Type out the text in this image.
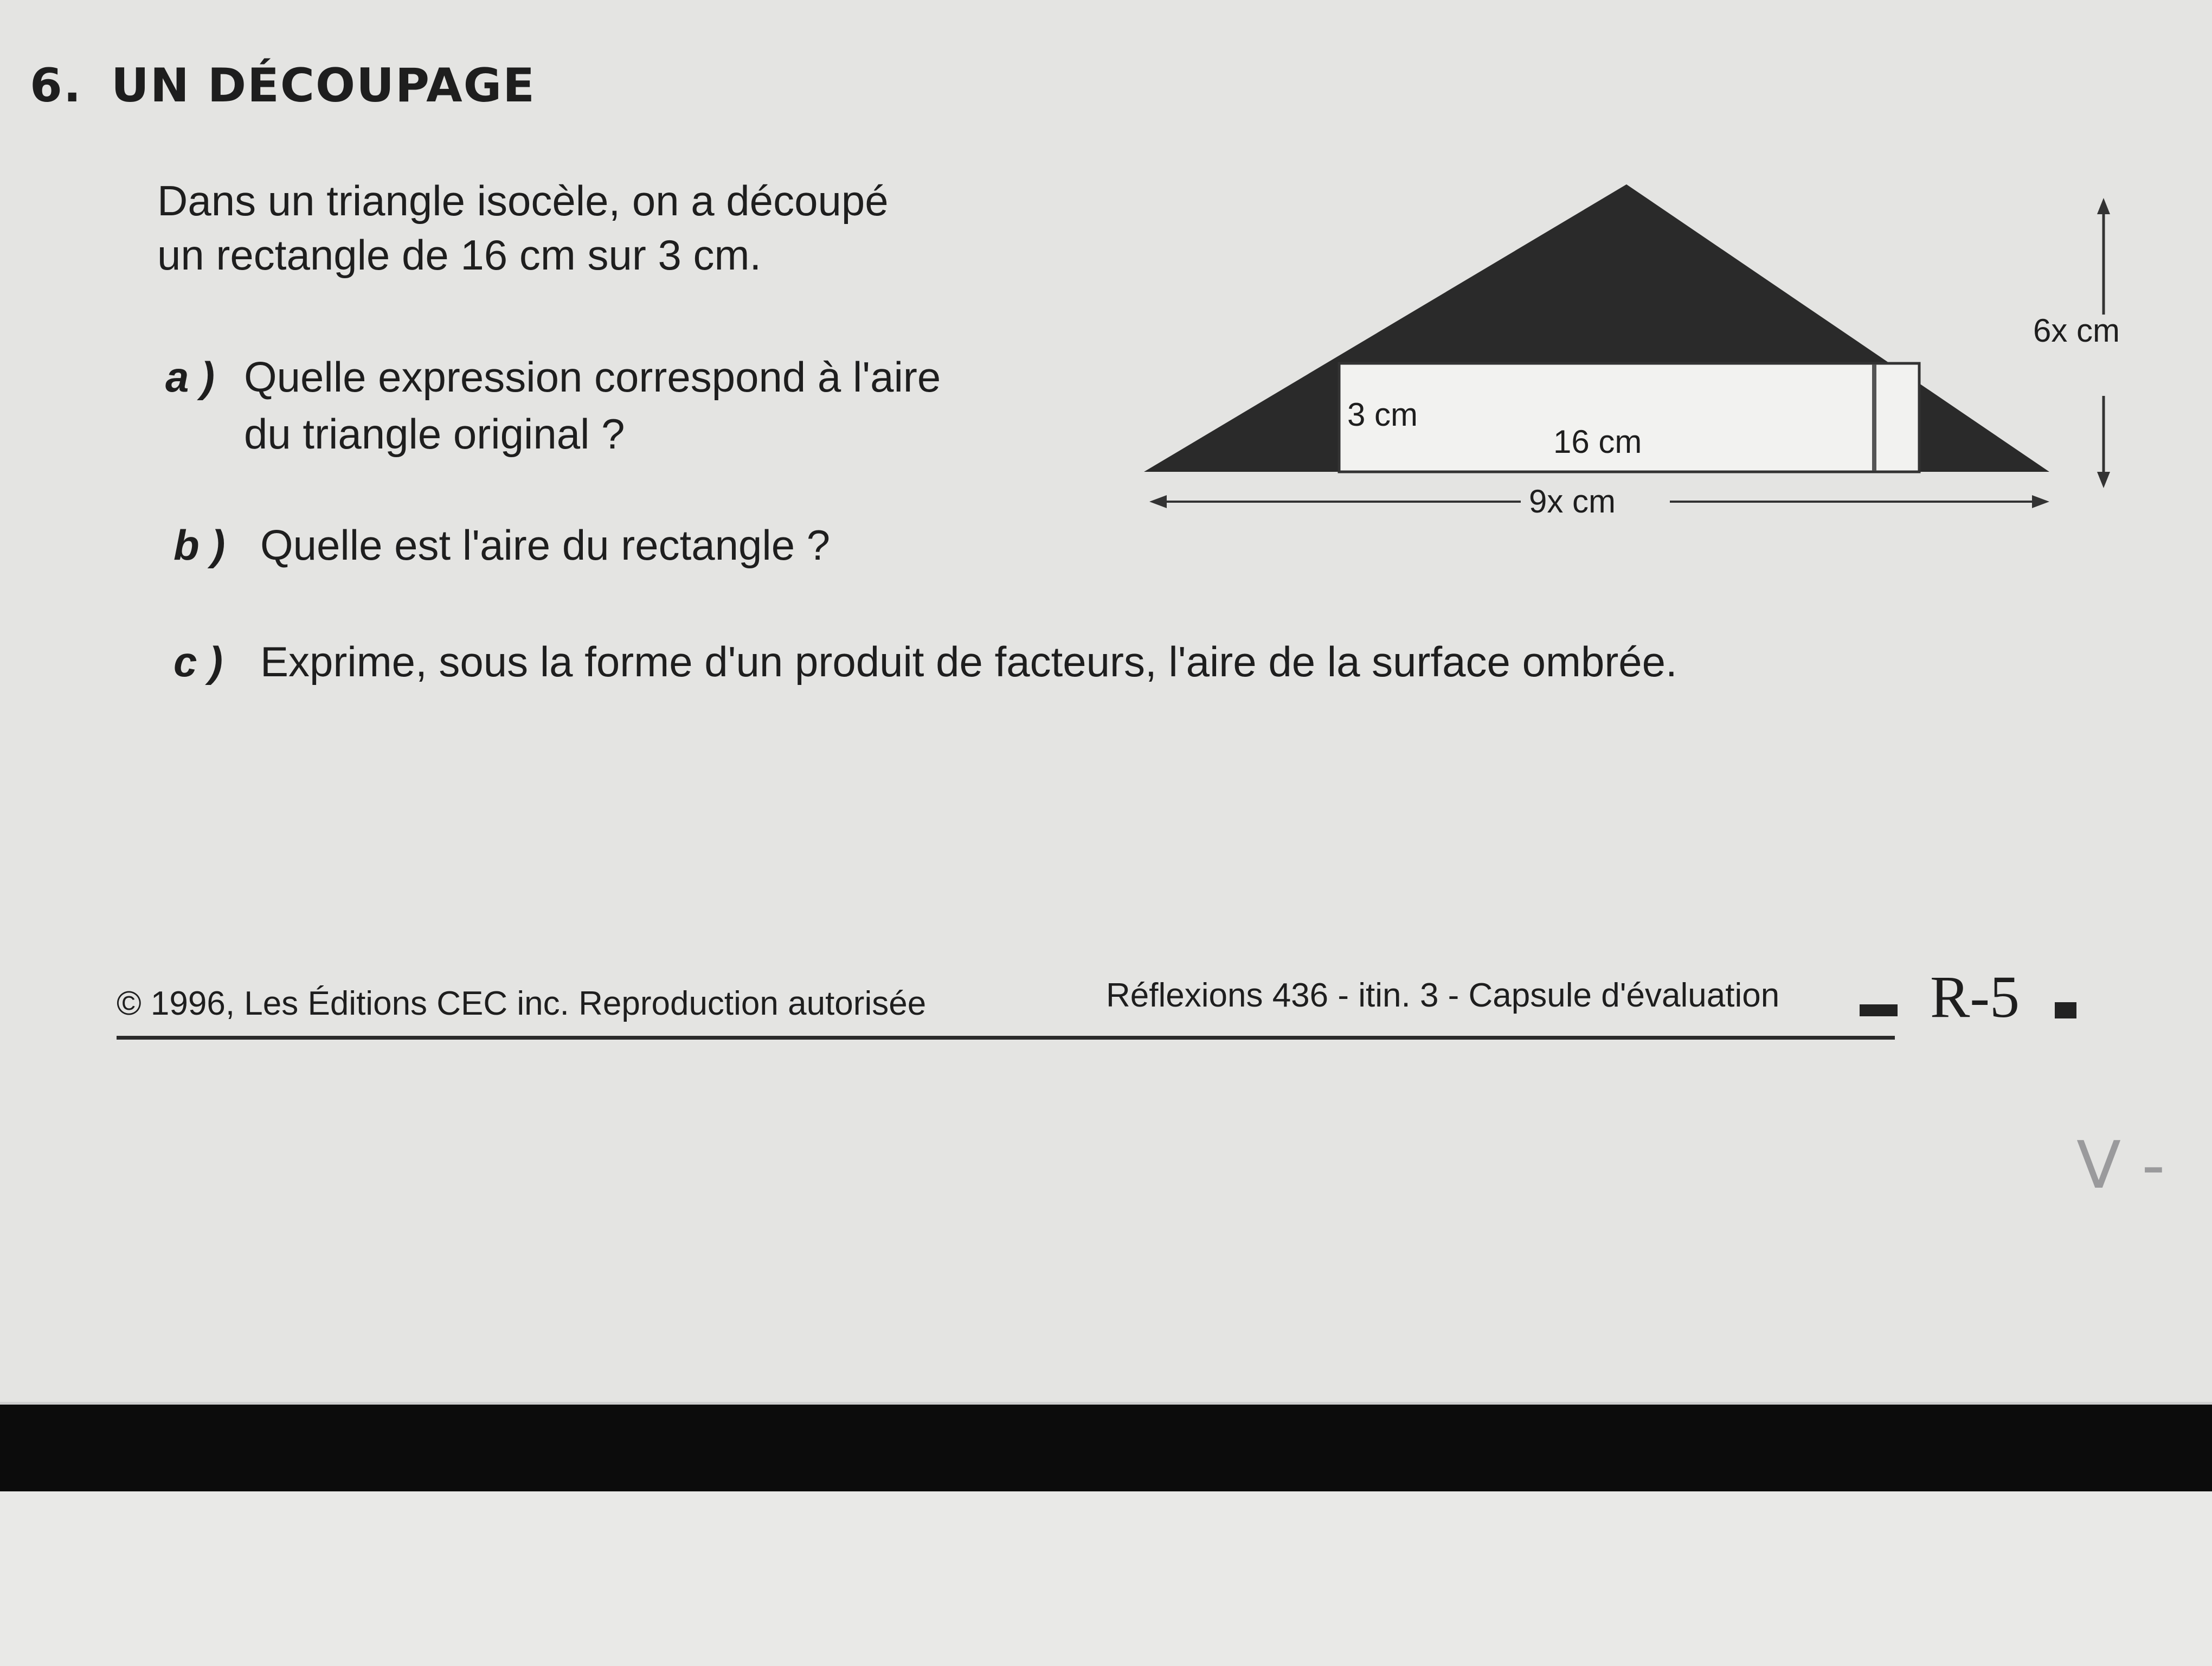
6. UN DÉCOUPAGE
Dans un triangle isocèle, on a découpé
un rectangle de 16 cm sur 3 cm.
a ) Quelle expression correspond à l'aire
du triangle original ?
b ) Quelle est l'aire du rectangle ?
c ) Exprime, sous la forme d'un produit de facteurs, l'aire de la surface ombrée.
6x cm
9x cm
3 cm
16 cm
© 1996, Les Éditions CEC inc. Reproduction autorisée	Réflexions 436 - itin. 3 - Capsule d'évaluation	R-5
V -
